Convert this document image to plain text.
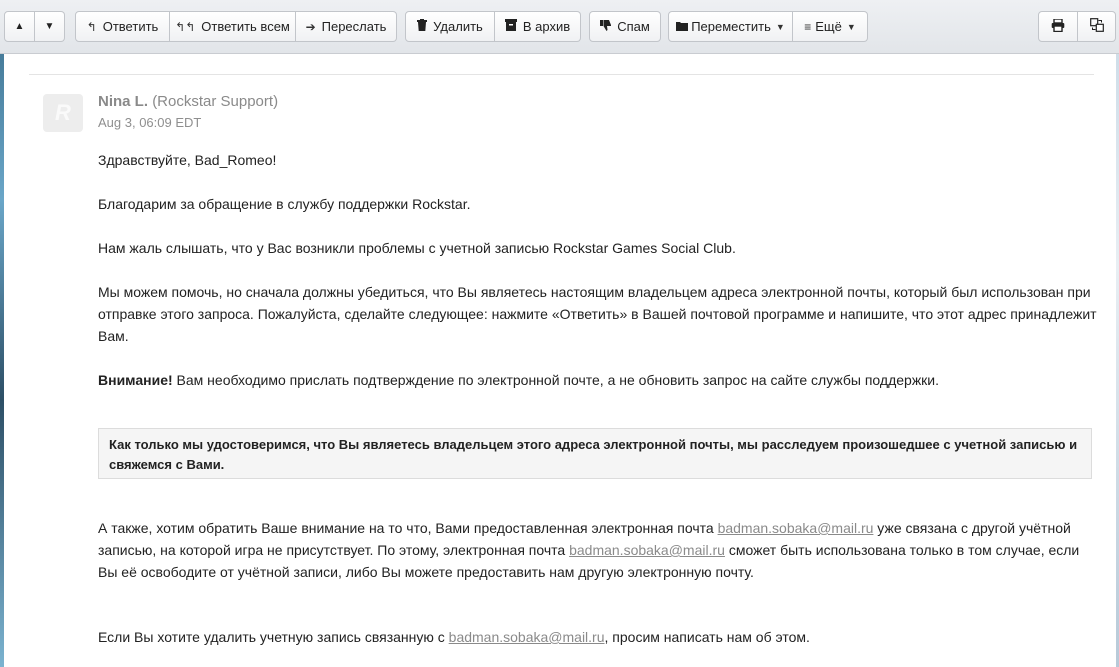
▲ ▼	↰ Ответить ↰↰ Ответить всем ➔ Переслать	Удалить	В архив	Спам	Переместить ▼ ≡ Ещё ▼
R Nina L. (Rockstar Support)
Aug 3, 06:09 EDT
Здравствуйте, Bad_Romeo!
Благодарим за обращение в службу поддержки Rockstar.
Нам жаль слышать, что у Вас возникли проблемы с учетной записью Rockstar Games Social Club.
Мы можем помочь, но сначала должны убедиться, что Вы являетесь настоящим владельцем адреса электронной почты, который был использован при отправке этого запроса. Пожалуйста, сделайте следующее: нажмите «Ответить» в Вашей почтовой программе и напишите, что этот адрес принадлежит Вам.
Внимание! Вам необходимо прислать подтверждение по электронной почте, а не обновить запрос на сайте службы поддержки.
Как только мы удостоверимся, что Вы являетесь владельцем этого адреса электронной почты, мы расследуем произошедшее с учетной записью и свяжемся с Вами.
А также, хотим обратить Ваше внимание на то что, Вами предоставленная электронная почта badman.sobaka@mail.ru уже связана с другой учётной записью, на которой игра не присутствует. По этому, электронная почта badman.sobaka@mail.ru сможет быть использована только в том случае, если Вы её освободите от учётной записи, либо Вы можете предоставить нам другую электронную почту.
Если Вы хотите удалить учетную запись связанную с badman.sobaka@mail.ru, просим написать нам об этом.
